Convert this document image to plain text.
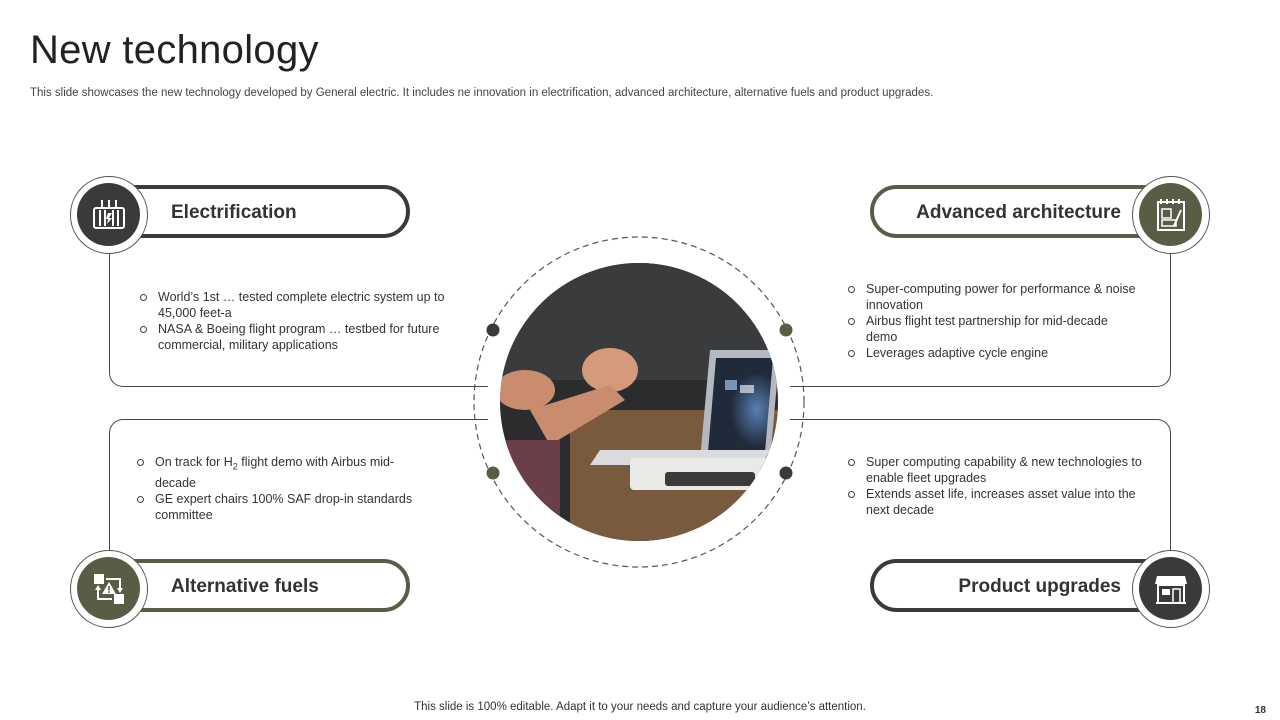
New technology

This slide showcases the new technology developed by General electric. It includes ne innovation in electrification, advanced architecture, alternative fuels and product upgrades.

World’s 1st … tested complete electric system up to 45,000 feet-a
NASA & Boeing flight program … testbed for future commercial, military applications
Super-computing power for performance & noise innovation
Airbus flight test partnership for mid-decade demo
Leverages adaptive cycle engine
On track for $H_2$ flight demo with Airbus mid-decade
GE expert chairs 100% SAF drop-in standards committee
Super computing capability & new technologies to enable fleet upgrades
Extends asset life, increases asset value into the next decade
Electrification	Advanced architecture
Alternative fuels	Product upgrades
This slide is 100% editable. Adapt it to your needs and capture your audience’s attention.	18
